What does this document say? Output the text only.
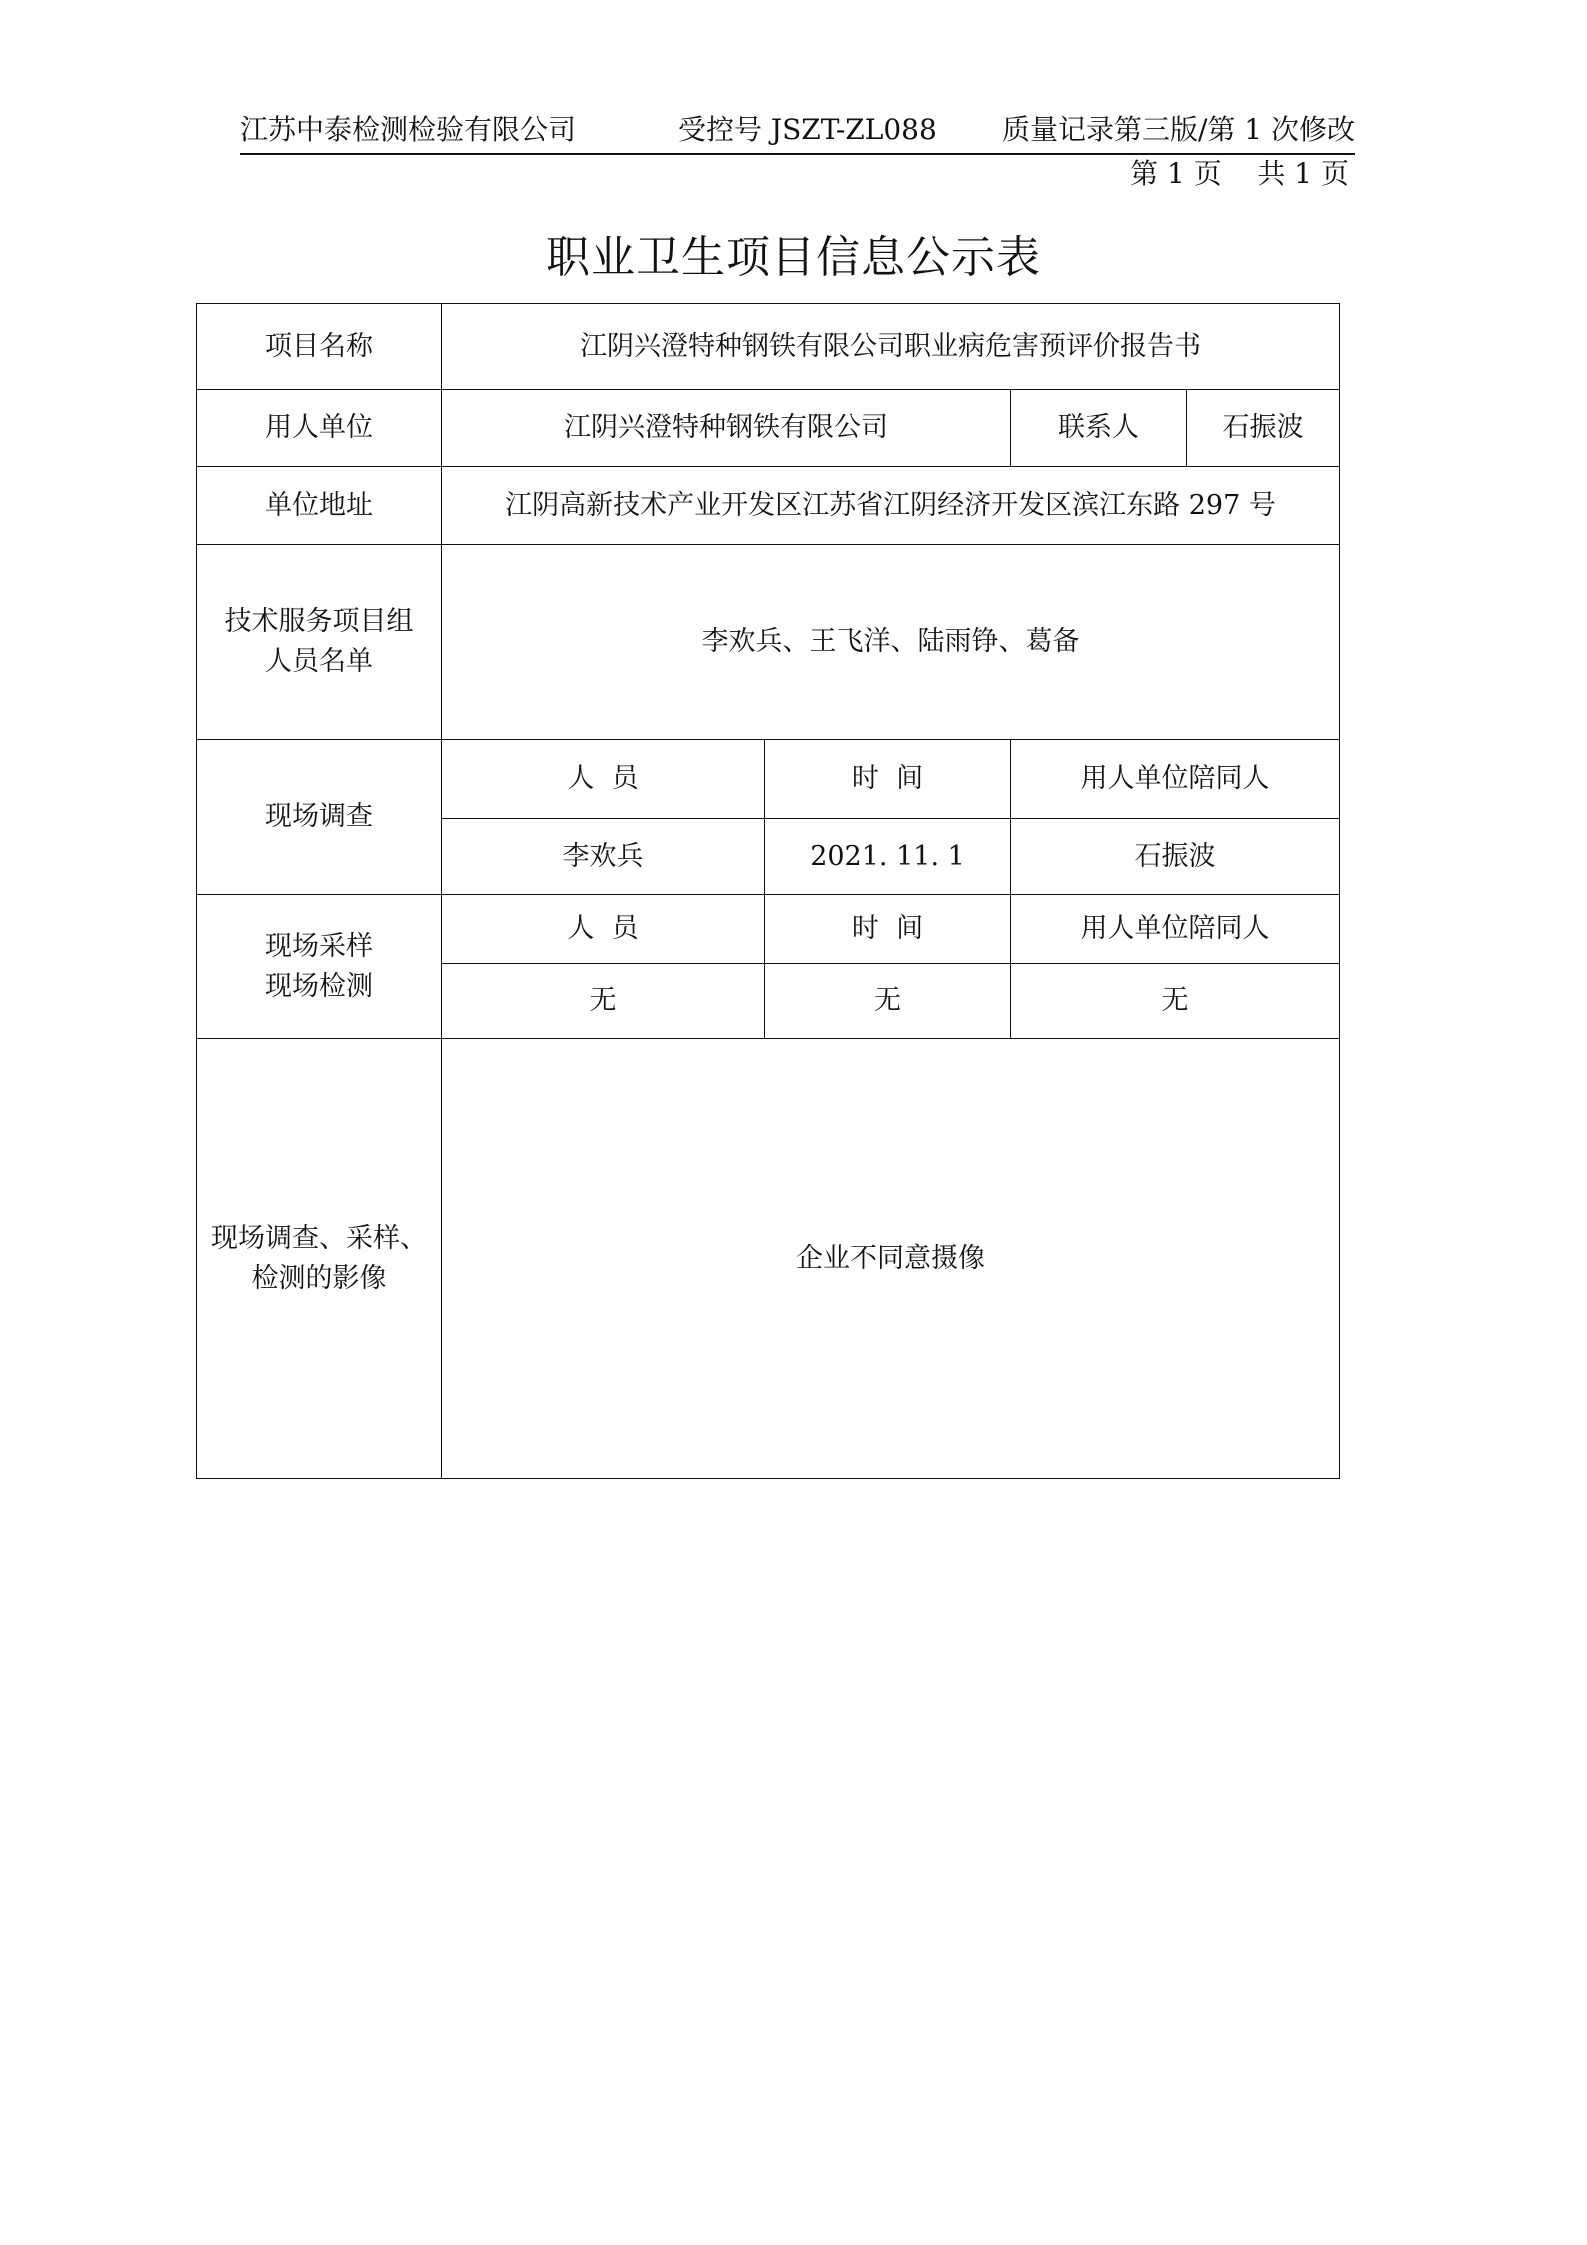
江苏中泰检测检验有限公司	受控号 JSZT-ZL088 质量记录第三版/第 1 次修改
第 1 页    共 1 页
职业卫生项目信息公示表
项目名称	江阴兴澄特种钢铁有限公司职业病危害预评价报告书			
用人单位	江阴兴澄特种钢铁有限公司		联系人	石振波
单位地址	江阴高新技术产业开发区江苏省江阴经济开发区滨江东路 297 号			

技术服务项目组
人员名单	李欢兵、王飞洋、陆雨铮、葛备			
现场调查	人  员	时  间	用人单位陪同人	
	李欢兵	2021. 11. 1	石振波	

现场采样
现场检测	人  员	时  间	用人单位陪同人	
	无	无	无	

现场调查、采样、
检测的影像	企业不同意摄像			
